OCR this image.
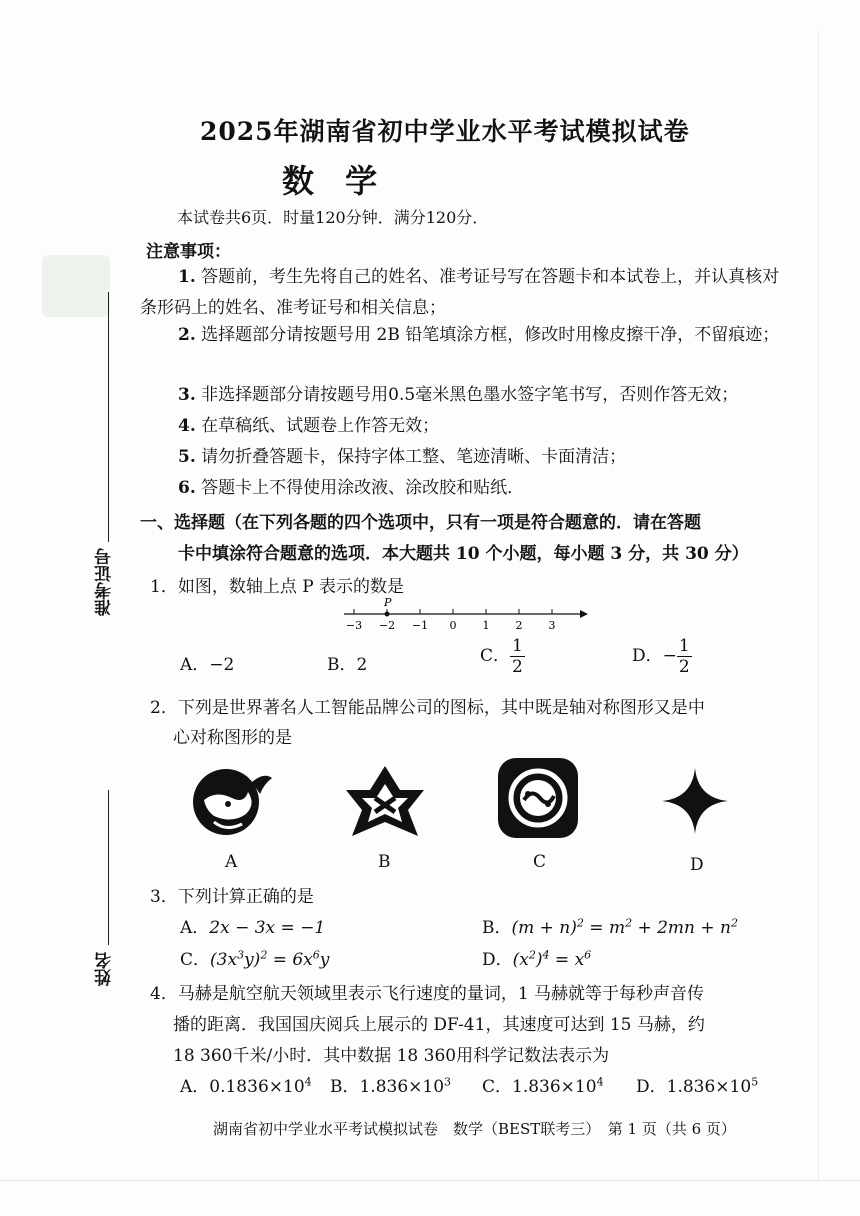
准考证号
姓名
2025年湖南省初中学业水平考试模拟试卷
数 学
本试卷共6页．时量120分钟．满分120分．
注意事项：
1. 答题前，考生先将自己的姓名、准考证号写在答题卡和本试卷上，并认真核对条形码上的姓名、准考证号和相关信息；
2. 选择题部分请按题号用 2B 铅笔填涂方框，修改时用橡皮擦干净，不留痕迹；
3. 非选择题部分请按题号用0.5毫米黑色墨水签字笔书写，否则作答无效；
4. 在草稿纸、试题卷上作答无效；
5. 请勿折叠答题卡，保持字体工整、笔迹清晰、卡面清洁；
6. 答题卡上不得使用涂改液、涂改胶和贴纸．
一、选择题（在下列各题的四个选项中，只有一项是符合题意的．请在答题
卡中填涂符合题意的选项．本大题共 10 个小题，每小题 3 分，共 30 分）
1．如图，数轴上点 P 表示的数是
−3 −2 −1 0 1 2 3
P
A．−2	B．2	C． $\frac{1}{2}$	D．− $\frac{1}{2}$
2．下列是世界著名人工智能品牌公司的图标，其中既是轴对称图形又是中
心对称图形的是
A	B	C	D
3．下列计算正确的是
A．2x − 3x = −1	B．$(m + n)^2 = m^2 + 2mn + n^2$
C．$(3x^3y)^2 = 6x^6y$	D．$(x^2)^4 = x^6$
4．马赫是航空航天领域里表示飞行速度的量词，1 马赫就等于每秒声音传
播的距离．我国国庆阅兵上展示的 DF-41，其速度可达到 15 马赫，约
18 360千米/小时．其中数据 18 360用科学记数法表示为
A．$0.1836\times 10^4$ B．$1.836\times 10^3$ C．$1.836\times 10^4$ D．$1.836\times 10^5$
湖南省初中学业水平考试模拟试卷　数学（BEST联考三）　第 1 页（共 6 页）
